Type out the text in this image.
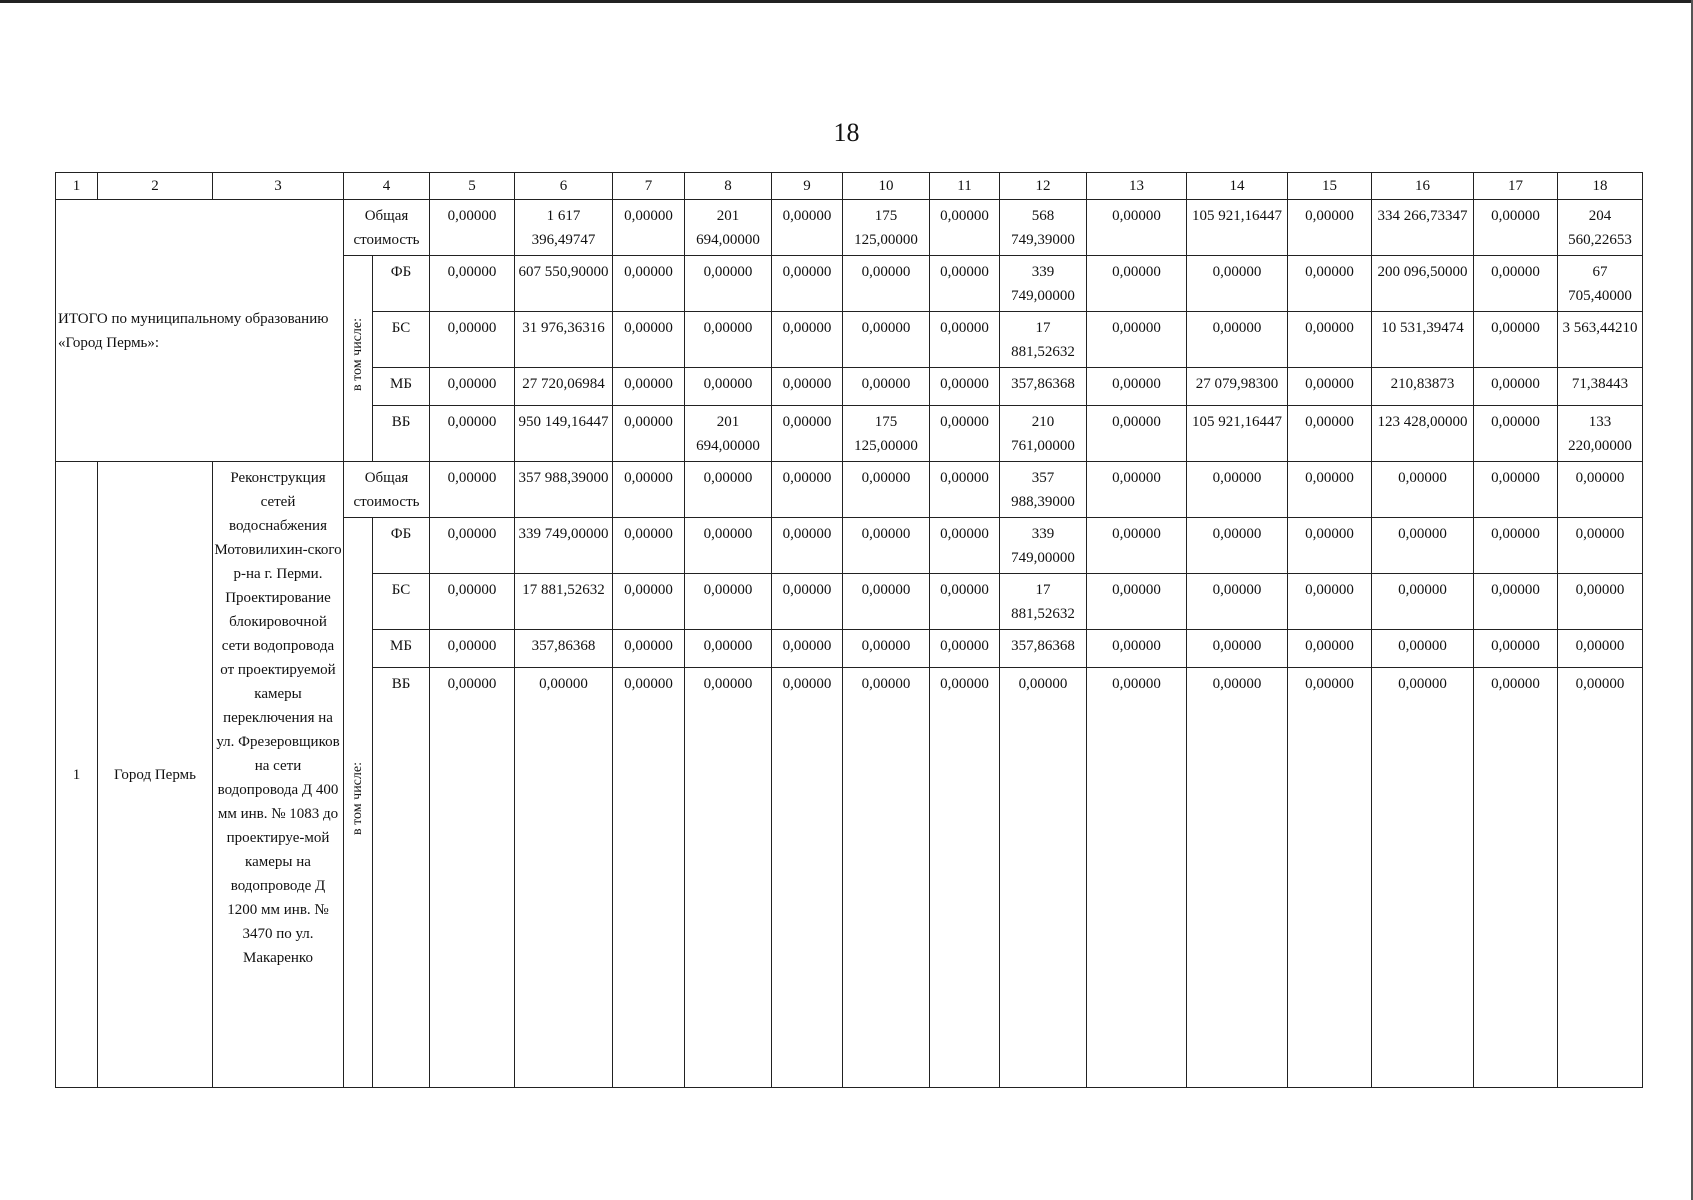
18
1	2	3	4		5	6	7	8	9	10	11	12	13	14	15	16	17	18

ИТОГО по муниципальному образованию «Город Пермь»:			Общая стоимость		0,00000	1 617 396,49747	0,00000	201 694,00000	0,00000	175 125,00000	0,00000	568 749,39000	0,00000	105 921,16447	0,00000	334 266,73347	0,00000	204 560,22653

			в том числе:	ФБ	0,00000	607 550,90000	0,00000	0,00000	0,00000	0,00000	0,00000	339 749,00000	0,00000	0,00000	0,00000	200 096,50000	0,00000	67 705,40000

				БС	0,00000	31 976,36316	0,00000	0,00000	0,00000	0,00000	0,00000	17 881,52632	0,00000	0,00000	0,00000	10 531,39474	0,00000	3 563,44210

				МБ	0,00000	27 720,06984	0,00000	0,00000	0,00000	0,00000	0,00000	357,86368	0,00000	27 079,98300	0,00000	210,83873	0,00000	71,38443

				ВБ	0,00000	950 149,16447	0,00000	201 694,00000	0,00000	175 125,00000	0,00000	210 761,00000	0,00000	105 921,16447	0,00000	123 428,00000	0,00000	133 220,00000

1	Город Пермь	Реконструкция сетей водоснабжения Мотовилихин-ского р-на г. Перми. Проектирование блокировочной сети водопровода от проектируемой камеры переключения на ул. Фрезеровщиков на сети водопровода Д 400 мм инв. № 1083 до проектируе-мой камеры на водопроводе Д 1200 мм инв. № 3470 по ул. Макаренко	Общая стоимость		0,00000	357 988,39000	0,00000	0,00000	0,00000	0,00000	0,00000	357 988,39000	0,00000	0,00000	0,00000	0,00000	0,00000	0,00000

			в том числе:	ФБ	0,00000	339 749,00000	0,00000	0,00000	0,00000	0,00000	0,00000	339 749,00000	0,00000	0,00000	0,00000	0,00000	0,00000	0,00000

				БС	0,00000	17 881,52632	0,00000	0,00000	0,00000	0,00000	0,00000	17 881,52632	0,00000	0,00000	0,00000	0,00000	0,00000	0,00000

				МБ	0,00000	357,86368	0,00000	0,00000	0,00000	0,00000	0,00000	357,86368	0,00000	0,00000	0,00000	0,00000	0,00000	0,00000

				ВБ	0,00000	0,00000	0,00000	0,00000	0,00000	0,00000	0,00000	0,00000	0,00000	0,00000	0,00000	0,00000	0,00000	0,00000
